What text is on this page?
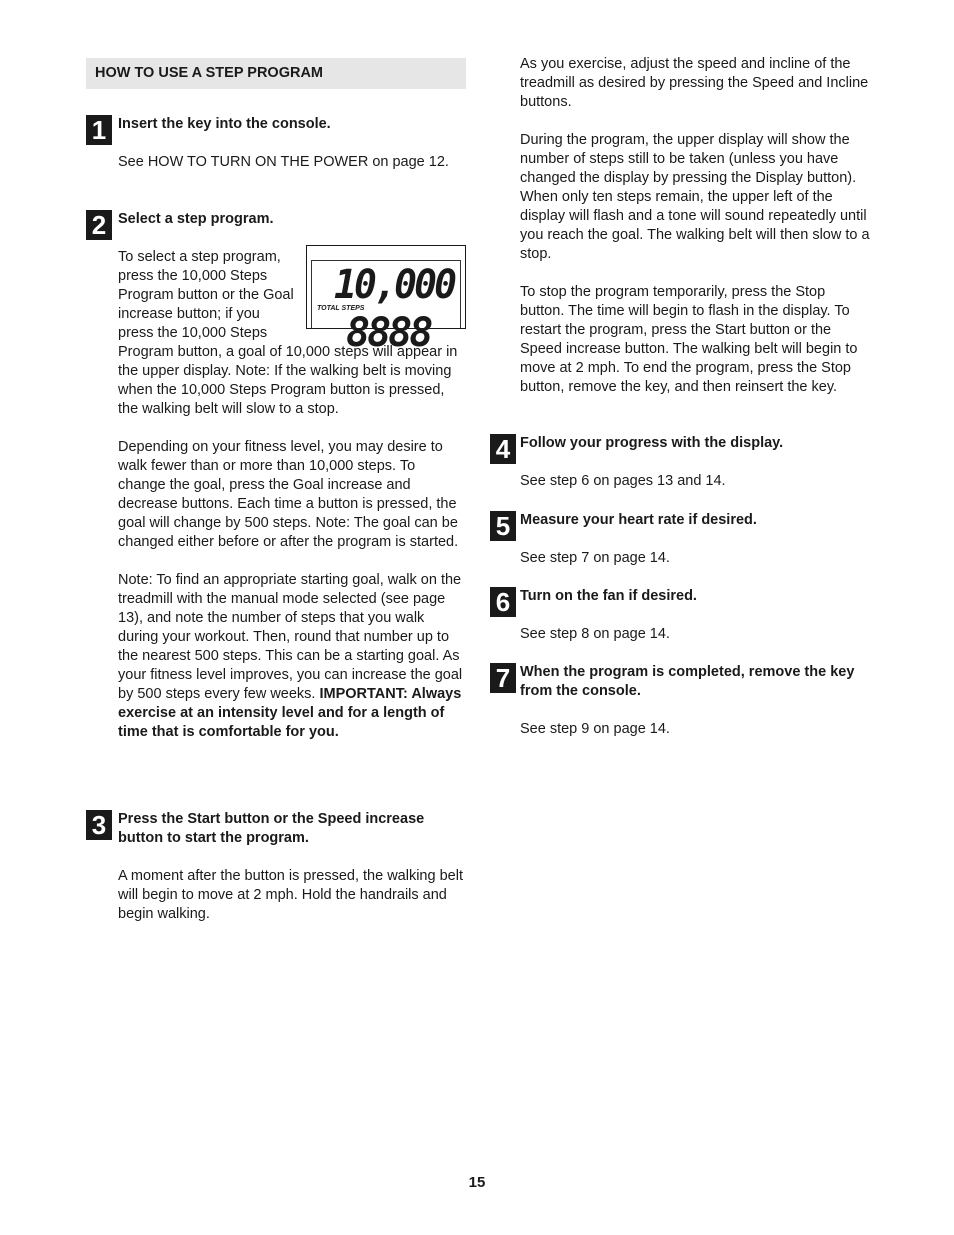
HOW TO USE A STEP PROGRAM
1 Insert the key into the console.

See HOW TO TURN ON THE POWER on page 12.

2 Select a step program.
10,000
TOTAL STEPS
8888

To select a step program, press the 10,000 Steps Program button or the Goal increase button; if you press the 10,000 Steps Program button, a goal of 10,000 steps will appear in the upper display. Note: If the walking belt is moving when the 10,000 Steps Program button is pressed, the walking belt will slow to a stop.

Depending on your fitness level, you may desire to walk fewer than or more than 10,000 steps. To change the goal, press the Goal increase and decrease buttons. Each time a button is pressed, the goal will change by 500 steps. Note: The goal can be changed either before or after the program is started.

Note: To find an appropriate starting goal, walk on the treadmill with the manual mode selected (see page 13), and note the number of steps that you walk during your workout. Then, round that number up to the nearest 500 steps. This can be a starting goal. As your fitness level improves, you can increase the goal by 500 steps every few weeks. IMPORTANT: Always exercise at an intensity level and for a length of time that is comfortable for you.

3 Press the Start button or the Speed increase button to start the program.

A moment after the button is pressed, the walking belt will begin to move at 2 mph. Hold the handrails and begin walking.

As you exercise, adjust the speed and incline of the treadmill as desired by pressing the Speed and Incline buttons.

During the program, the upper display will show the number of steps still to be taken (unless you have changed the display by pressing the Display button). When only ten steps remain, the upper left of the display will flash and a tone will sound repeatedly until you reach the goal. The walking belt will then slow to a stop.

To stop the program temporarily, press the Stop button. The time will begin to flash in the display. To restart the program, press the Start button or the Speed increase button. The walking belt will begin to move at 2 mph. To end the program, press the Stop button, remove the key, and then reinsert the key.

4 Follow your progress with the display.

See step 6 on pages 13 and 14.

5 Measure your heart rate if desired.

See step 7 on page 14.

6 Turn on the fan if desired.

See step 8 on page 14.

7 When the program is completed, remove the key from the console.

See step 9 on page 14.

15
